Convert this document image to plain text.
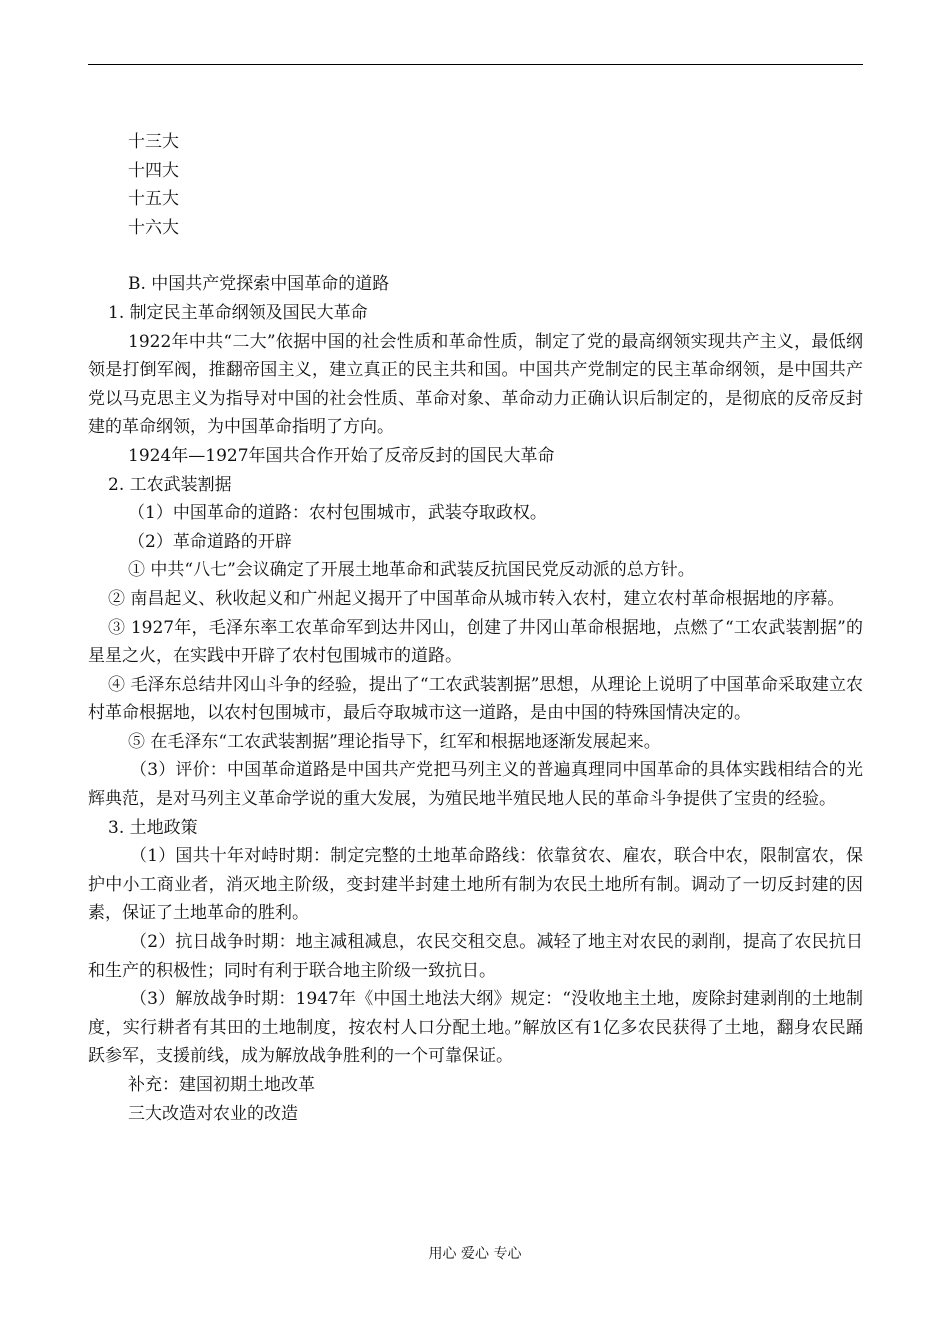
十三大
十四大
十五大
十六大
B. 中国共产党探索中国革命的道路
1. 制定民主革命纲领及国民大革命
1922年中共“二大”依据中国的社会性质和革命性质，制定了党的最高纲领实现共产主义，最低纲领是打倒军阀，推翻帝国主义，建立真正的民主共和国。中国共产党制定的民主革命纲领，是中国共产党以马克思主义为指导对中国的社会性质、革命对象、革命动力正确认识后制定的，是彻底的反帝反封建的革命纲领，为中国革命指明了方向。
1924年—1927年国共合作开始了反帝反封的国民大革命
2. 工农武装割据
（1）中国革命的道路：农村包围城市，武装夺取政权。
（2）革命道路的开辟
① 中共“八七”会议确定了开展土地革命和武装反抗国民党反动派的总方针。
② 南昌起义、秋收起义和广州起义揭开了中国革命从城市转入农村，建立农村革命根据地的序幕。
③ 1927年，毛泽东率工农革命军到达井冈山，创建了井冈山革命根据地，点燃了“工农武装割据”的星星之火，在实践中开辟了农村包围城市的道路。
④ 毛泽东总结井冈山斗争的经验，提出了“工农武装割据”思想，从理论上说明了中国革命采取建立农村革命根据地，以农村包围城市，最后夺取城市这一道路，是由中国的特殊国情决定的。
⑤ 在毛泽东“工农武装割据”理论指导下，红军和根据地逐渐发展起来。
（3）评价：中国革命道路是中国共产党把马列主义的普遍真理同中国革命的具体实践相结合的光辉典范，是对马列主义革命学说的重大发展，为殖民地半殖民地人民的革命斗争提供了宝贵的经验。
3. 土地政策
（1）国共十年对峙时期：制定完整的土地革命路线：依靠贫农、雇农，联合中农，限制富农，保护中小工商业者，消灭地主阶级，变封建半封建土地所有制为农民土地所有制。调动了一切反封建的因素，保证了土地革命的胜利。
（2）抗日战争时期：地主减租减息，农民交租交息。减轻了地主对农民的剥削，提高了农民抗日和生产的积极性；同时有利于联合地主阶级一致抗日。
（3）解放战争时期：1947年《中国土地法大纲》规定：“没收地主土地，废除封建剥削的土地制度，实行耕者有其田的土地制度，按农村人口分配土地。”解放区有1亿多农民获得了土地，翻身农民踊跃参军，支援前线，成为解放战争胜利的一个可靠保证。
补充：建国初期土地改革
三大改造对农业的改造
用心 爱心 专心
